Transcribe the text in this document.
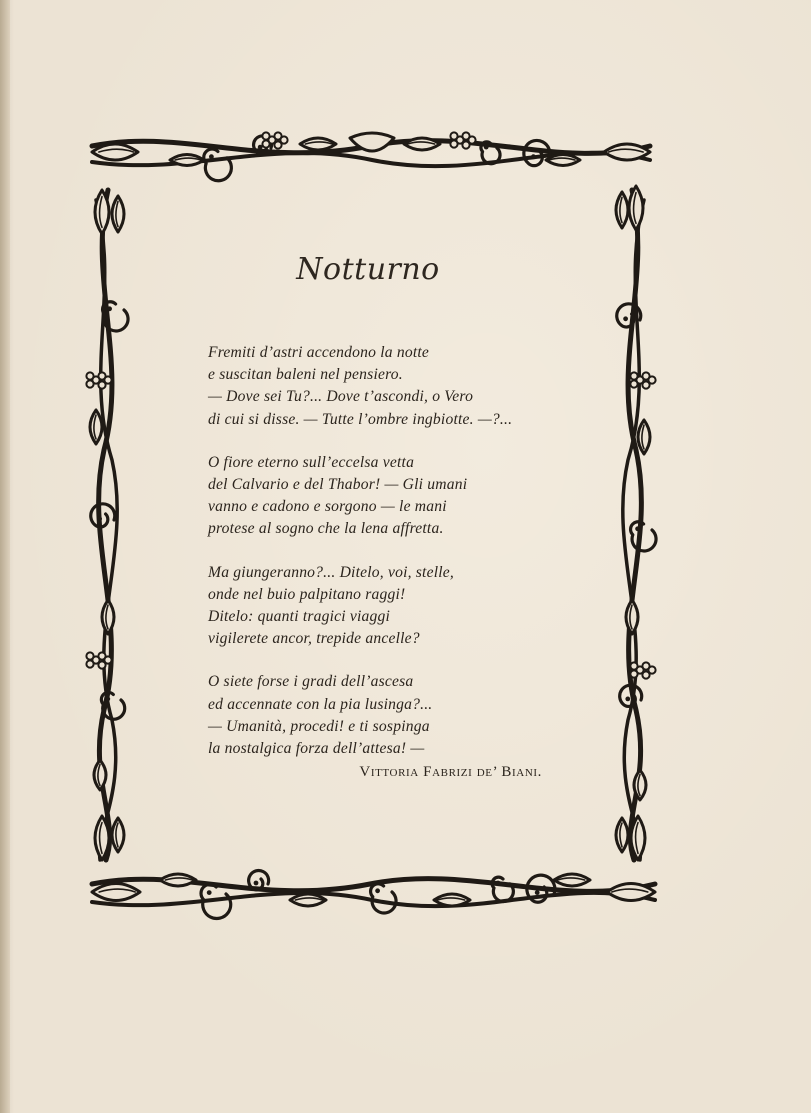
Notturno
Fremiti d’astri accendono la notte
e suscitan baleni nel pensiero.
— Dove sei Tu?... Dove t’ascondi, o Vero
di cui si disse. — Tutte l’ombre ingbiotte. —?...
O fiore eterno sull’eccelsa vetta
del Calvario e del Thabor! — Gli umani
vanno e cadono e sorgono — le mani
protese al sogno che la lena affretta.
Ma giungeranno?... Ditelo, voi, stelle,
onde nel buio palpitano raggi!
Ditelo: quanti tragici viaggi
vigilerete ancor, trepide ancelle?
O siete forse i gradi dell’ascesa
ed accennate con la pia lusinga?...
— Umanità, procedi! e ti sospinga
la nostalgica forza dell’attesa! —
Vittoria Fabrizi de’ Biani.
